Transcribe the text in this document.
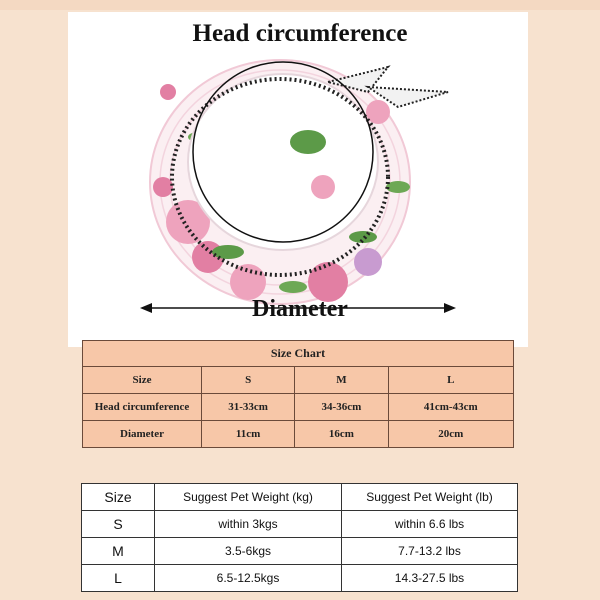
Head circumference
Diameter
Size Chart			
Size	S	M	L
Head circumference	31-33cm	34-36cm	41cm-43cm
Diameter	11cm	16cm	20cm
Size	Suggest Pet Weight (kg)	Suggest Pet Weight (lb)
S	within 3kgs	within 6.6 lbs
M	3.5-6kgs	7.7-13.2 lbs
L	6.5-12.5kgs	14.3-27.5 lbs
